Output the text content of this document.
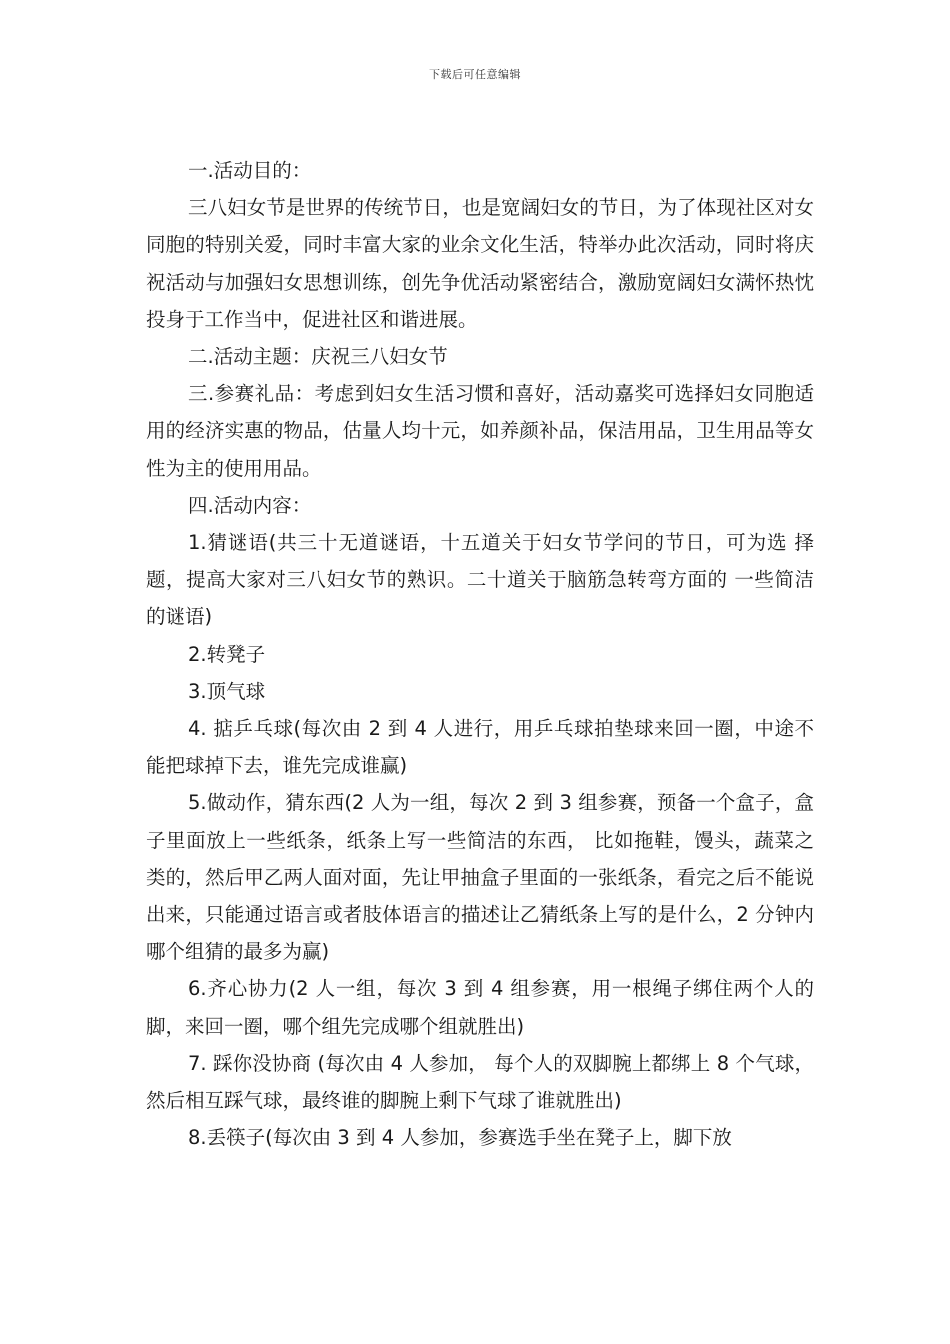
下载后可任意编辑

一.活动目的：

三八妇女节是世界的传统节日，也是宽阔妇女的节日，为了体现社区对女同胞的特别关爱，同时丰富大家的业余文化生活，特举办此次活动，同时将庆祝活动与加强妇女思想训练，创先争优活动紧密结合，激励宽阔妇女满怀热忱投身于工作当中，促进社区和谐进展。

二.活动主题：庆祝三八妇女节

三.参赛礼品：考虑到妇女生活习惯和喜好，活动嘉奖可选择妇女同胞适用的经济实惠的物品，估量人均十元，如养颜补品，保洁用品，卫生用品等女性为主的使用用品。

四.活动内容：

1.猜谜语(共三十无道谜语，十五道关于妇女节学问的节日，可为选 择题，提高大家对三八妇女节的熟识。二十道关于脑筋急转弯方面的 一些简洁的谜语)

2.转凳子

3.顶气球

4. 掂乒乓球(每次由 2 到 4 人进行，用乒乓球拍垫球来回一圈，中途不能把球掉下去，谁先完成谁赢)

5.做动作，猜东西(2 人为一组，每次 2 到 3 组参赛，预备一个盒子，盒子里面放上一些纸条，纸条上写一些简洁的东西， 比如拖鞋，馒头，蔬菜之类的，然后甲乙两人面对面，先让甲抽盒子里面的一张纸条，看完之后不能说出来，只能通过语言或者肢体语言的描述让乙猜纸条上写的是什么，2 分钟内哪个组猜的最多为赢)

6.齐心协力(2 人一组，每次 3 到 4 组参赛，用一根绳子绑住两个人的脚，来回一圈，哪个组先完成哪个组就胜出)

7. 踩你没协商 (每次由 4 人参加， 每个人的双脚腕上都绑上 8 个气球，然后相互踩气球，最终谁的脚腕上剩下气球了谁就胜出)

8.丢筷子(每次由 3 到 4 人参加，参赛选手坐在凳子上，脚下放
